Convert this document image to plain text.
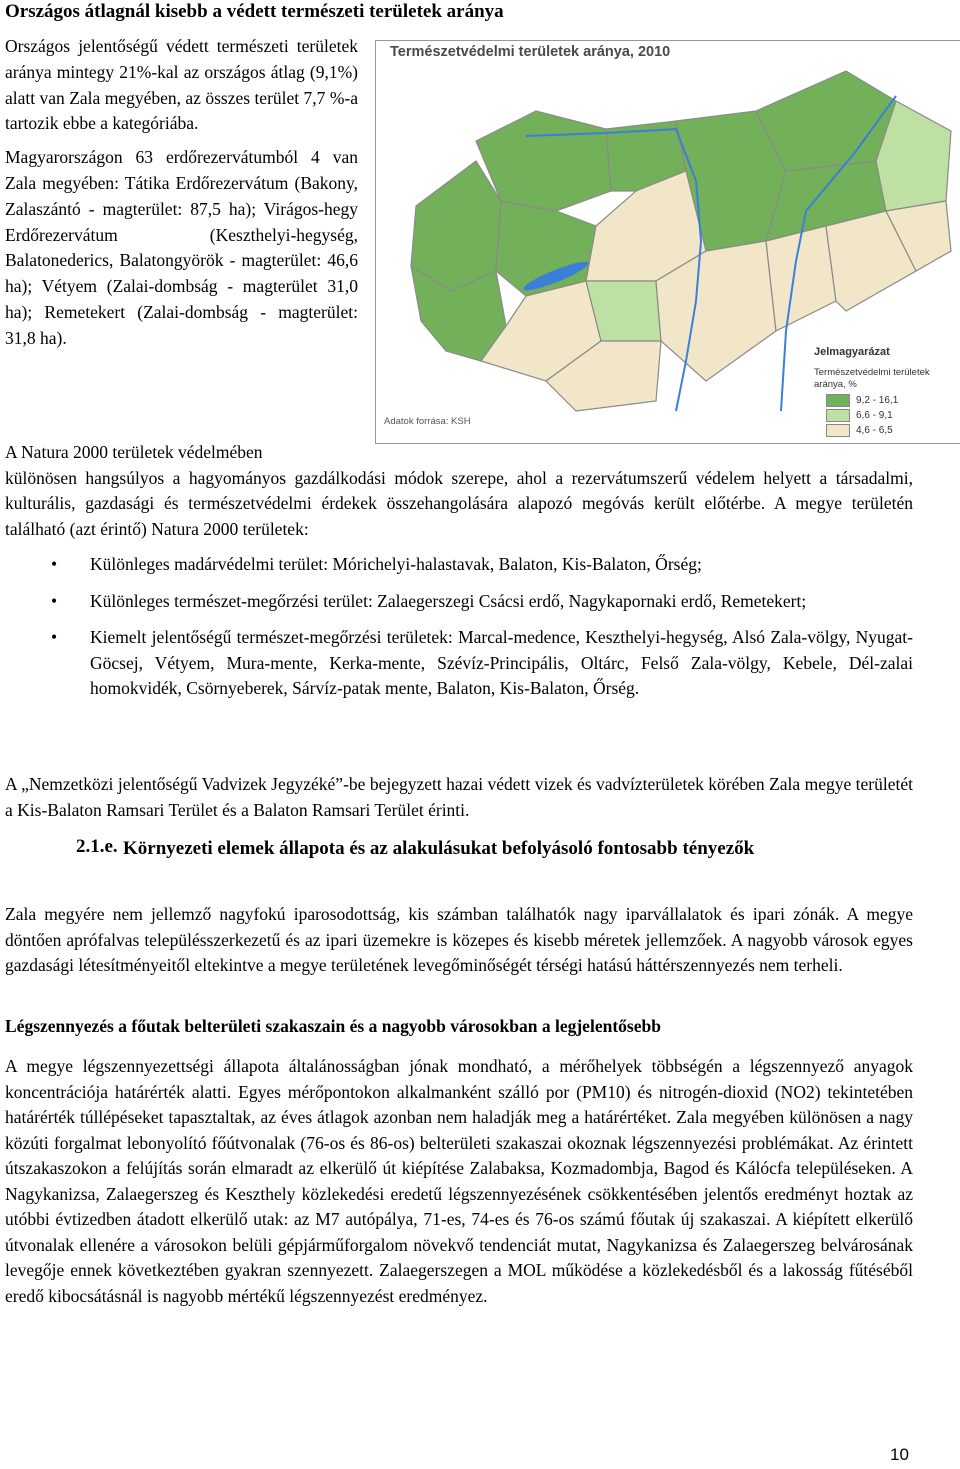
Országos átlagnál kisebb a védett természeti területek aránya

Országos jelentőségű védett természeti területek aránya mintegy 21%-kal az országos átlag (9,1%) alatt van Zala megyében, az összes terület 7,7 %-a tartozik ebbe a kategóriába.

Magyarországon 63 erdőrezervátumból 4 van Zala megyében: Tátika Erdőrezervátum (Bakony, Zalaszántó - magterület: 87,5 ha); Virágos-hegy Erdőrezervátum (Keszthelyi-hegység, Balatonederics, Balatongyörök - magterület: 46,6 ha); Vétyem (Zalai-dombság - magterület 31,0 ha); Remetekert (Zalai-dombság - magterület: 31,8 ha).

Természetvédelmi területek aránya, 2010
Jelmagyarázat
Természetvédelmi területek aránya, %
9,2 - 16,1
6,6 - 9,1
4,6 - 6,5
Adatok forrása: KSH
A Natura 2000 területek védelmében
különösen hangsúlyos a hagyományos gazdálkodási módok szerepe, ahol a rezervátumszerű védelem helyett a társadalmi, kulturális, gazdasági és természetvédelmi érdekek összehangolására alapozó megóvás került előtérbe. A megye területén található (azt érintő) Natura 2000 területek:
• Különleges madárvédelmi terület: Mórichelyi-halastavak, Balaton, Kis-Balaton, Őrség;
• Különleges természet-megőrzési terület: Zalaegerszegi Csácsi erdő, Nagykapornaki erdő, Remetekert;
• Kiemelt jelentőségű természet-megőrzési területek: Marcal-medence, Keszthelyi-hegység, Alsó Zala-völgy, Nyugat-Göcsej, Vétyem, Mura-mente, Kerka-mente, Szévíz-Principális, Oltárc, Felső Zala-völgy, Kebele, Dél-zalai homokvidék, Csörnyeberek, Sárvíz-patak mente, Balaton, Kis-Balaton, Őrség.
A „Nemzetközi jelentőségű Vadvizek Jegyzéké”-be bejegyzett hazai védett vizek és vadvízterületek körében Zala megye területét a Kis-Balaton Ramsari Terület és a Balaton Ramsari Terület érinti.
2.1.e. Környezeti elemek állapota és az alakulásukat befolyásoló fontosabb tényezők
Zala megyére nem jellemző nagyfokú iparosodottság, kis számban találhatók nagy iparvállalatok és ipari zónák. A megye döntően aprófalvas településszerkezetű és az ipari üzemekre is közepes és kisebb méretek jellemzőek. A nagyobb városok egyes gazdasági létesítményeitől eltekintve a megye területének levegőminőségét térségi hatású háttérszennyezés nem terheli.
Légszennyezés a főutak belterületi szakaszain és a nagyobb városokban a legjelentősebb
A megye légszennyezettségi állapota általánosságban jónak mondható, a mérőhelyek többségén a légszennyező anyagok koncentrációja határérték alatti. Egyes mérőpontokon alkalmanként szálló por (PM10) és nitrogén-dioxid (NO2) tekintetében határérték túllépéseket tapasztaltak, az éves átlagok azonban nem haladják meg a határértéket. Zala megyében különösen a nagy közúti forgalmat lebonyolító főútvonalak (76-os és 86-os) belterületi szakaszai okoznak légszennyezési problémákat. Az érintett útszakaszokon a felújítás során elmaradt az elkerülő út kiépítése Zalabaksa, Kozmadombja, Bagod és Kálócfa településeken. A Nagykanizsa, Zalaegerszeg és Keszthely közlekedési eredetű légszennyezésének csökkentésében jelentős eredményt hoztak az utóbbi évtizedben átadott elkerülő utak: az M7 autópálya, 71-es, 74-es és 76-os számú főutak új szakaszai. A kiépített elkerülő útvonalak ellenére a városokon belüli gépjárműforgalom növekvő tendenciát mutat, Nagykanizsa és Zalaegerszeg belvárosának levegője ennek következtében gyakran szennyezett. Zalaegerszegen a MOL működése a közlekedésből és a lakosság fűtéséből eredő kibocsátásnál is nagyobb mértékű légszennyezést eredményez.
10
